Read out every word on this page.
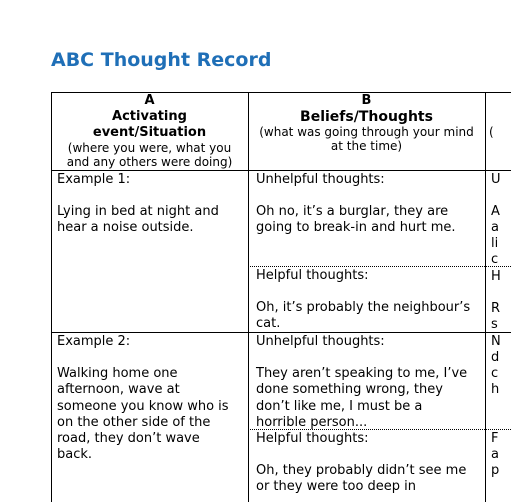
ABC Thought Record
A
Activating
event/Situation
(where you were, what you
and any others were doing)
B
Beliefs/Thoughts
(what was going through your mind
at the time)
(
Example 1:
Lying in bed at night and
hear a noise outside.
Unhelpful thoughts:
Oh no, it’s a burglar, they are
going to break-in and hurt me.
Helpful thoughts:
Oh, it’s probably the neighbour’s
cat.
U
A
a
li
c
H
R
s
Example 2:
Walking home one
afternoon, wave at
someone you know who is
on the other side of the
road, they don’t wave
back.
Unhelpful thoughts:
They aren’t speaking to me, I’ve
done something wrong, they
don’t like me, I must be a
horrible person...
Helpful thoughts:
Oh, they probably didn’t see me
or they were too deep in
N
d
c
h
F
a
p
